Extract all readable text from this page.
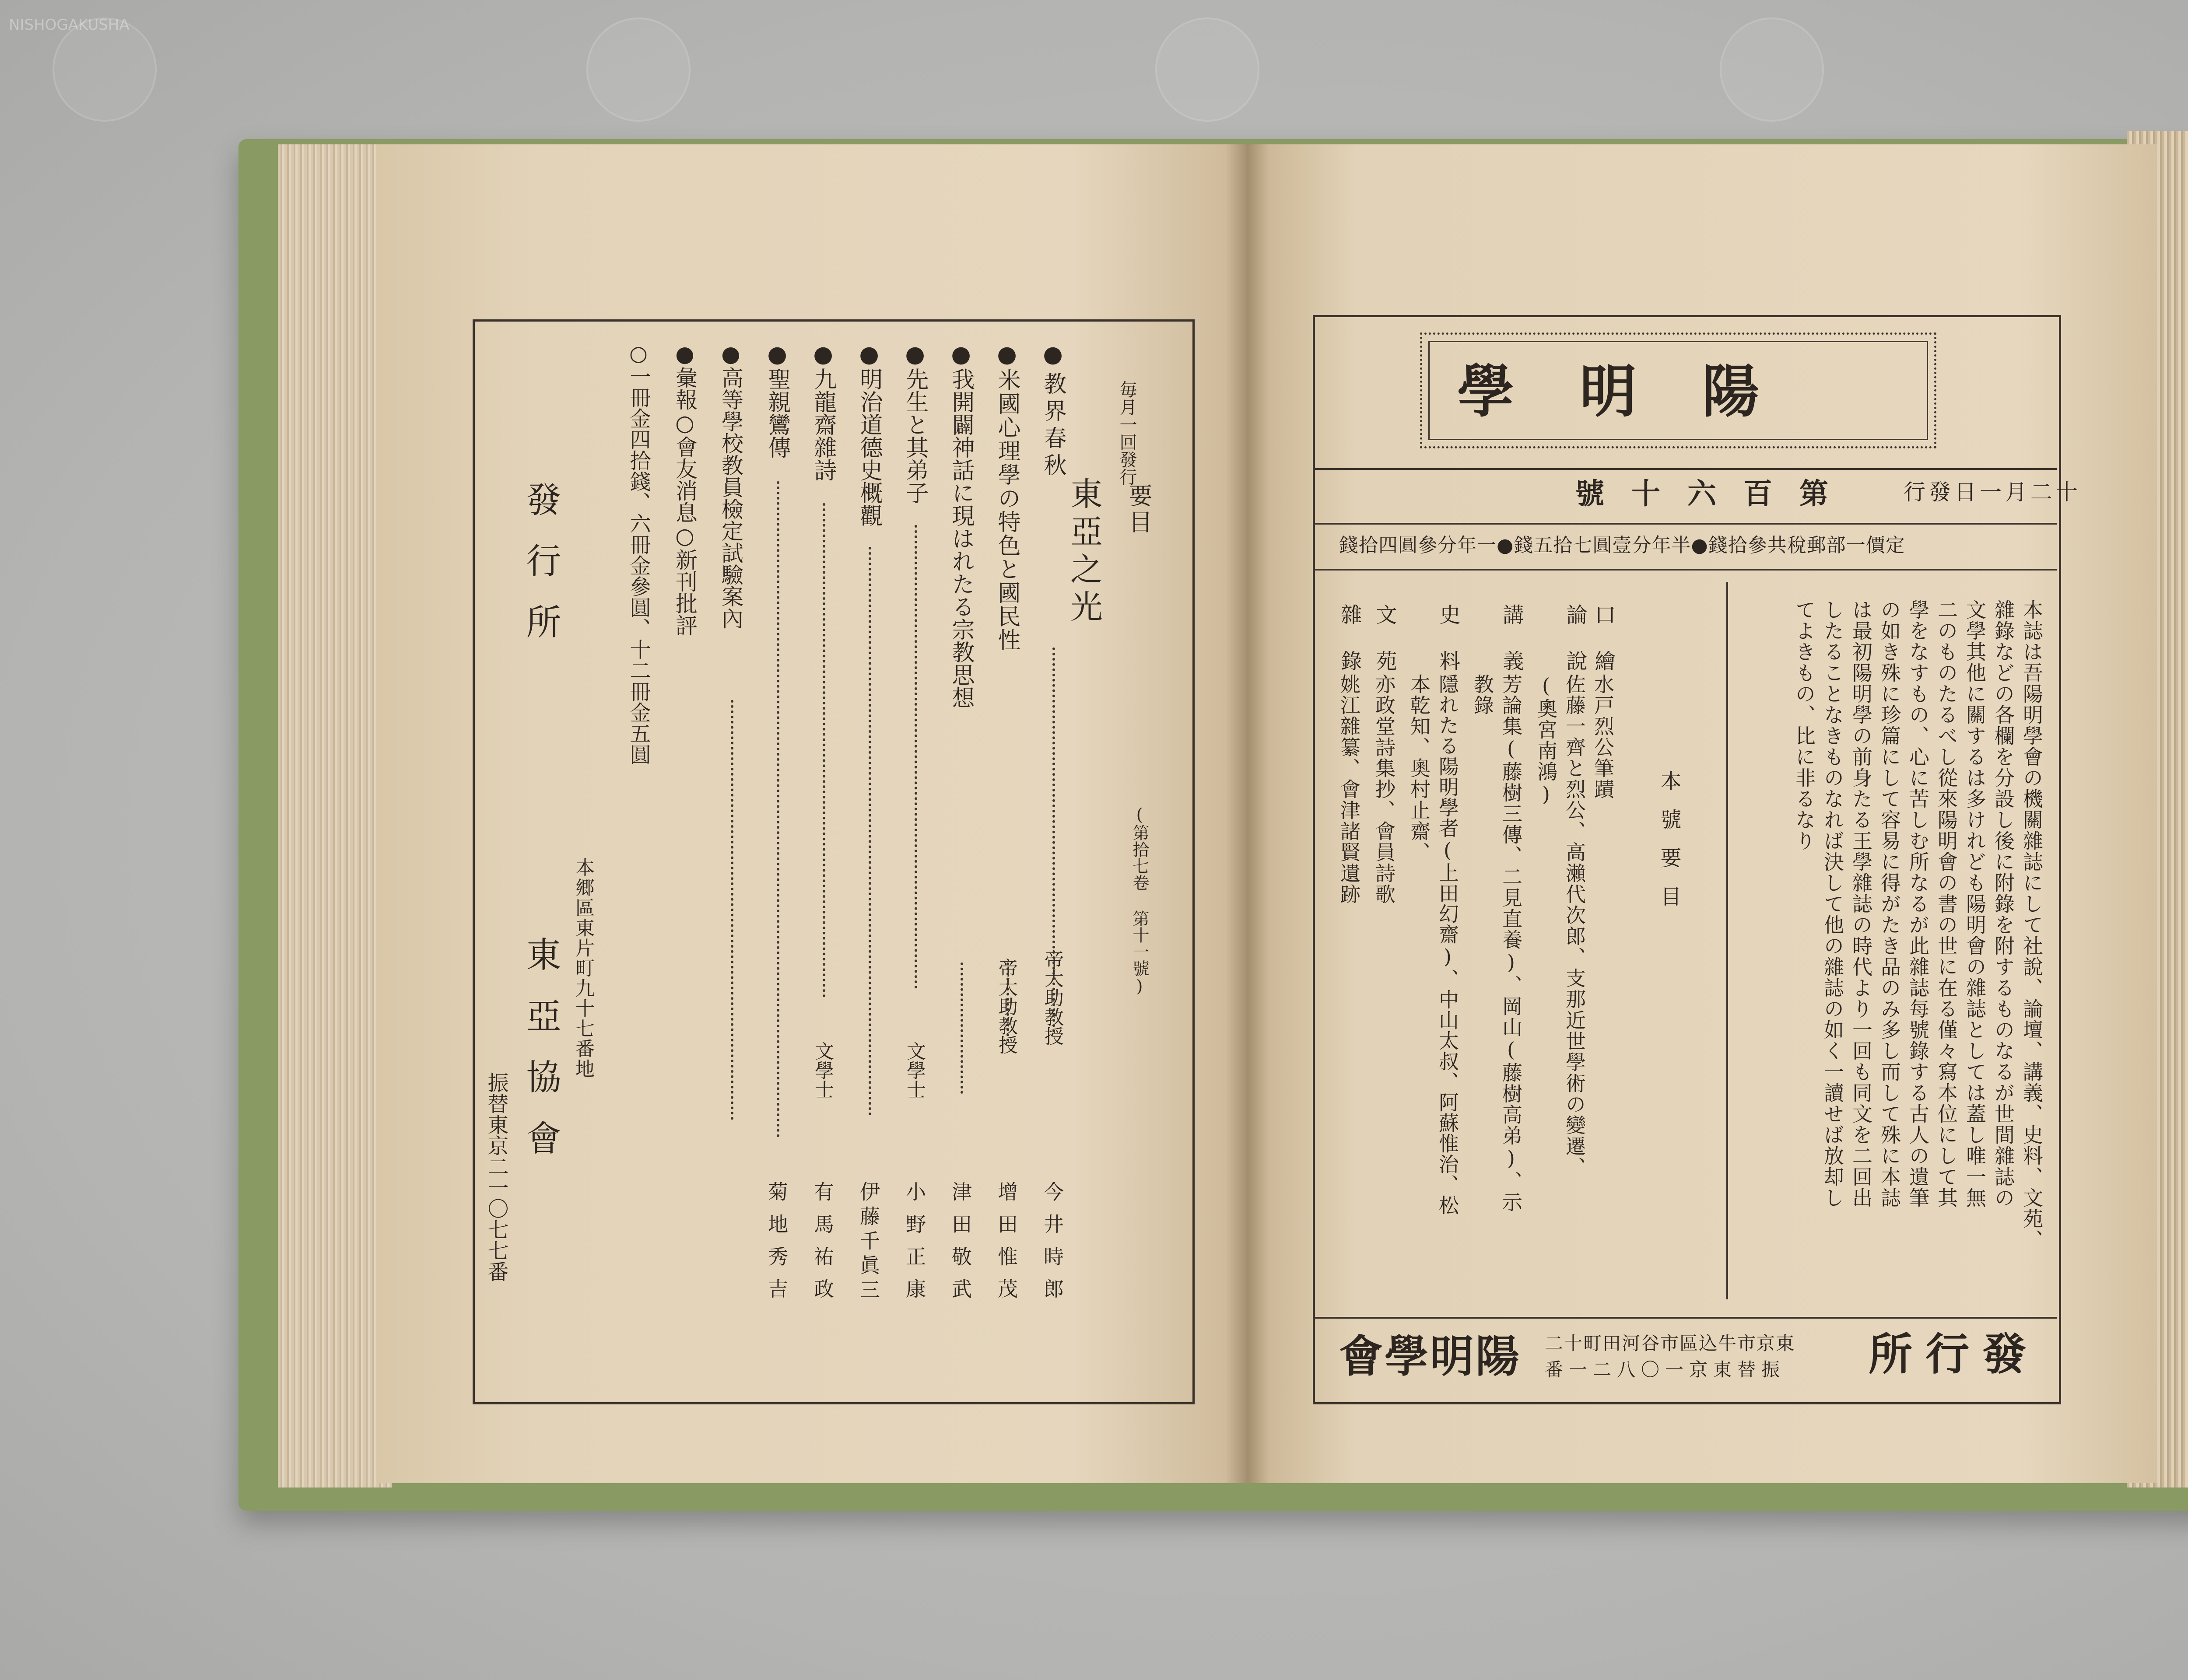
東亞之光 要目
(第拾七卷 第十一號)
毎月一回發行
●教界春秋
帝大助教授
今井時郎
●米國心理學の特色と國民性
帝大助教授
增田惟茂
●我開闢神話に現はれたる宗教思想
津田敬武
●先生と其弟子
文學士
小野正康
●明治道德史概觀
伊藤千眞三
●九龍齋雜詩
文學士
有馬祐政
●聖親鸞傳
菊地秀吉
●高等學校教員檢定試驗案內
●彙報○會友消息○新刊批評
○一冊金四拾錢、六冊金參圓、十二冊金五圓
發行所
本郷區東片町九十七番地
東亞協會
振替東京二一〇七七番
陽明學
第百六十號 十二月一日發行
定價一部郵稅共參拾錢●半年分壹圓七拾五錢●一年分參圓四拾錢
本誌は吾陽明學會の機關雜誌にして社說、論壇、講義、史料、文苑、
雜錄などの各欄を分設し後に附錄を附するものなるが世間雜誌の
文學其他に關するは多けれども陽明會の雜誌としては蓋し唯一無
二のものたるべし從來陽明會の書の世に在る僅々寫本位にして其
學をなすもの、心に苦しむ所なるが此雜誌每號錄する古人の遺筆
の如き殊に珍篇にして容易に得がたき品のみ多し而して殊に本誌
は最初陽明學の前身たる王學雜誌の時代より一回も同文を二回出
したることなきものなれば決して他の雜誌の如く一讀せば放却し
てよきもの、比に非るなり
本號要目
口繪
水戸烈公筆蹟
論說
佐藤一齊と烈公、高瀨代次郎、支那近世學術の變遷、
(奧宮南鴻)
講義
芳論集(藤樹三傳、二見直養)、岡山(藤樹高弟)、示
教錄
史料
隱れたる陽明學者(上田幻齋)、中山太叔、阿蘇惟治、松
本乾知、奧村止齋、
文苑
亦政堂詩集抄、會員詩歌
雜錄
姚江雜纂、會津諸賢遺跡
發行所
東京市牛込區市谷河田町十二
振替東京一〇八二一番
陽明學會
NISHOGAKUSHA
